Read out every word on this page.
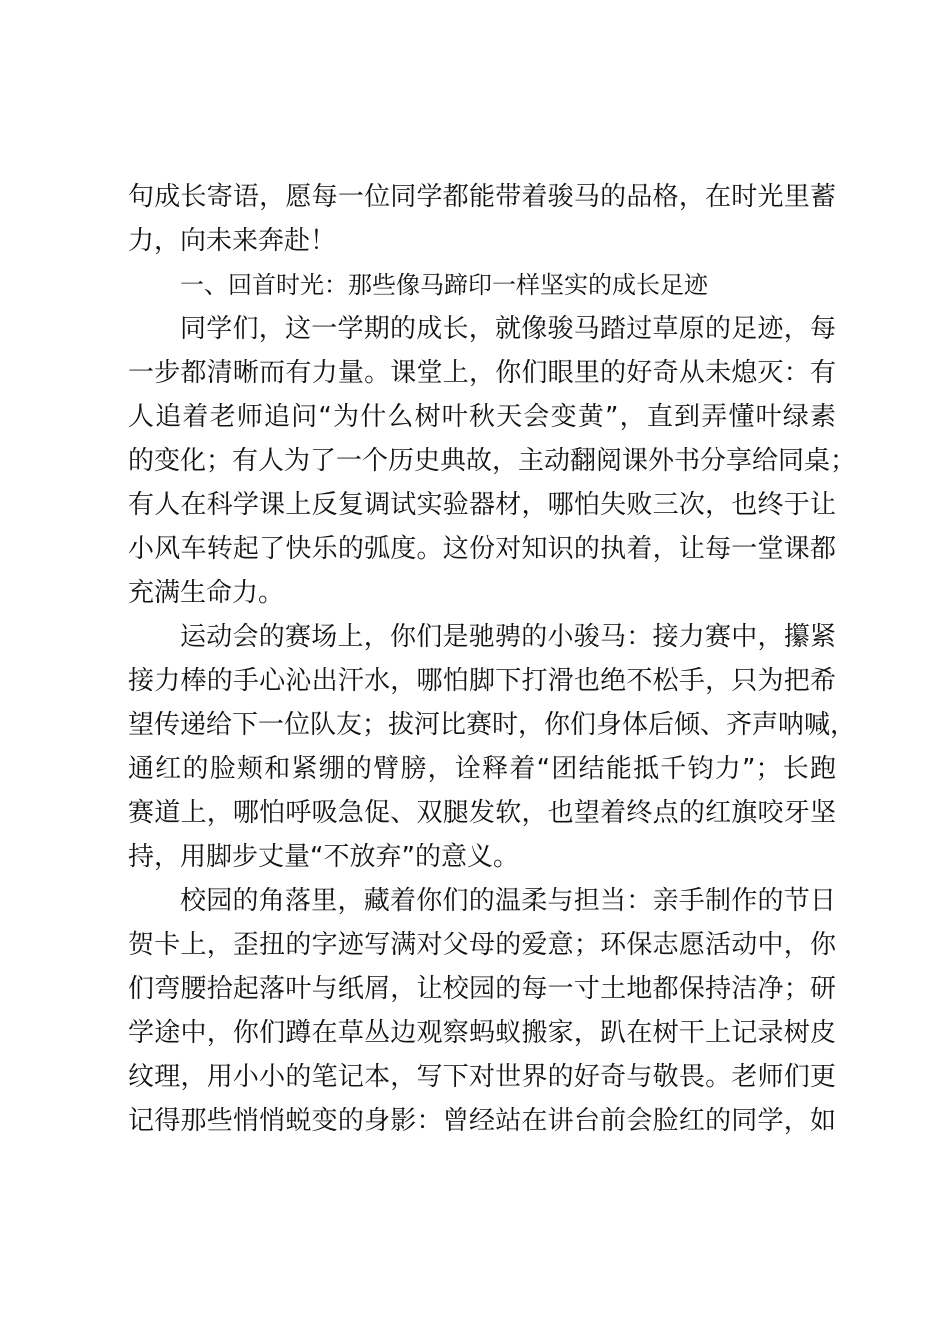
句成长寄语，愿每一位同学都能带着骏马的品格，在时光里蓄
力，向未来奔赴！
一、回首时光：那些像马蹄印一样坚实的成长足迹
同学们，这一学期的成长，就像骏马踏过草原的足迹，每
一步都清晰而有力量。课堂上，你们眼里的好奇从未熄灭：有
人追着老师追问“为什么树叶秋天会变黄”，直到弄懂叶绿素
的变化；有人为了一个历史典故，主动翻阅课外书分享给同桌；
有人在科学课上反复调试实验器材，哪怕失败三次，也终于让
小风车转起了快乐的弧度。这份对知识的执着，让每一堂课都
充满生命力。
运动会的赛场上，你们是驰骋的小骏马：接力赛中，攥紧
接力棒的手心沁出汗水，哪怕脚下打滑也绝不松手，只为把希
望传递给下一位队友；拔河比赛时，你们身体后倾、齐声呐喊，
通红的脸颊和紧绷的臂膀，诠释着“团结能抵千钧力”；长跑
赛道上，哪怕呼吸急促、双腿发软，也望着终点的红旗咬牙坚
持，用脚步丈量“不放弃”的意义。
校园的角落里，藏着你们的温柔与担当：亲手制作的节日
贺卡上，歪扭的字迹写满对父母的爱意；环保志愿活动中，你
们弯腰拾起落叶与纸屑，让校园的每一寸土地都保持洁净；研
学途中，你们蹲在草丛边观察蚂蚁搬家，趴在树干上记录树皮
纹理，用小小的笔记本，写下对世界的好奇与敬畏。老师们更
记得那些悄悄蜕变的身影：曾经站在讲台前会脸红的同学，如
